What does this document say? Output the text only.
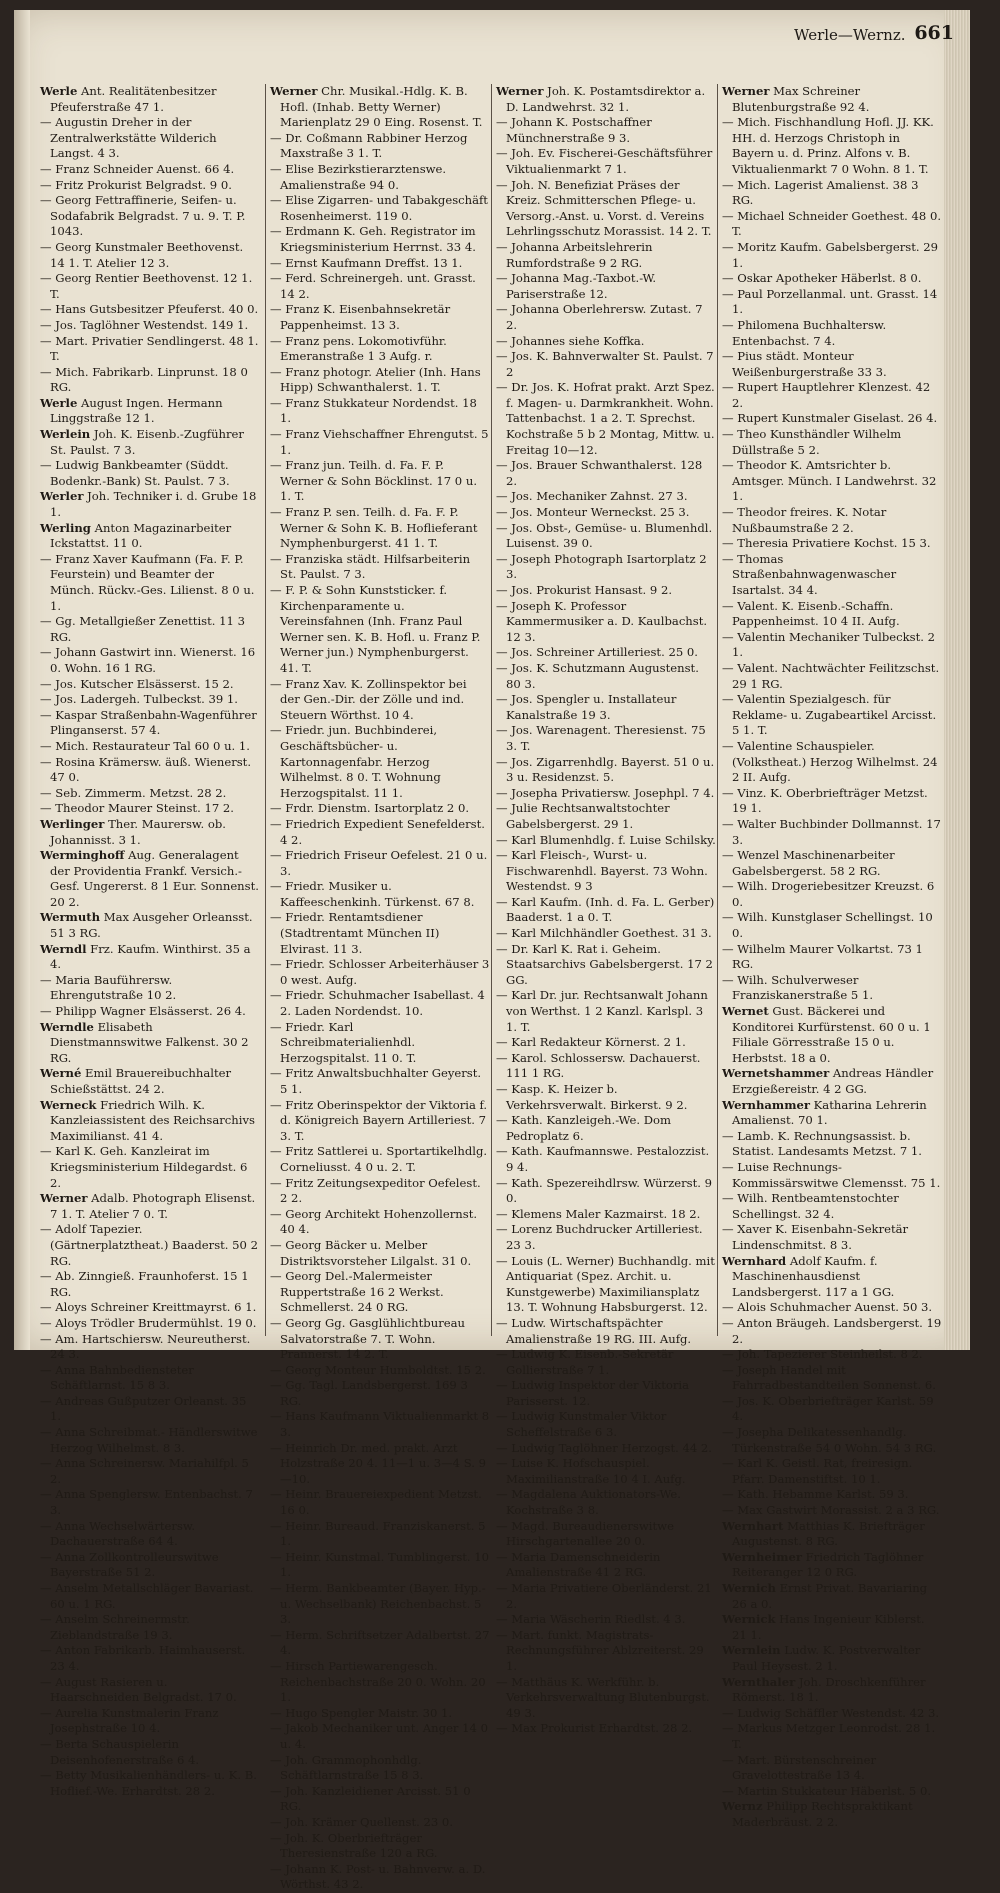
Werle—Wernz. 661
Werle Ant. Realitätenbesitzer Pfeuferstraße 47 1.
— Augustin Dreher in der Zentralwerkstätte Wilderich Langst. 4 3.
— Franz Schneider Auenst. 66 4.
— Fritz Prokurist Belgradst. 9 0.
— Georg Fettraffinerie, Seifen- u. Sodafabrik Belgradst. 7 u. 9. T. P. 1043.
— Georg Kunstmaler Beethovenst. 14 1. T. Atelier 12 3.
— Georg Rentier Beethovenst. 12 1. T.
— Hans Gutsbesitzer Pfeuferst. 40 0.
— Jos. Taglöhner Westendst. 149 1.
— Mart. Privatier Sendlingerst. 48 1. T.
— Mich. Fabrikarb. Linprunst. 18 0 RG.
Werle August Ingen. Hermann Linggstraße 12 1.
Werlein Joh. K. Eisenb.-Zugführer St. Paulst. 7 3.
— Ludwig Bankbeamter (Süddt. Bodenkr.-Bank) St. Paulst. 7 3.
Werler Joh. Techniker i. d. Grube 18 1.
Werling Anton Magazinarbeiter Ickstattst. 11 0.
— Franz Xaver Kaufmann (Fa. F. P. Feurstein) und Beamter der Münch. Rückv.-Ges. Lilienst. 8 0 u. 1.
— Gg. Metallgießer Zenettist. 11 3 RG.
— Johann Gastwirt inn. Wienerst. 16 0. Wohn. 16 1 RG.
— Jos. Kutscher Elsässerst. 15 2.
— Jos. Ladergeh. Tulbeckst. 39 1.
— Kaspar Straßenbahn-Wagenführer Plinganserst. 57 4.
— Mich. Restaurateur Tal 60 0 u. 1.
— Rosina Krämersw. äuß. Wienerst. 47 0.
— Seb. Zimmerm. Metzst. 28 2.
— Theodor Maurer Steinst. 17 2.
Werlinger Ther. Maurersw. ob. Johannisst. 3 1.
Werminghoff Aug. Generalagent der Providentia Frankf. Versich.-Gesf. Ungererst. 8 1 Eur. Sonnenst. 20 2.
Wermuth Max Ausgeher Orleansst. 51 3 RG.
Werndl Frz. Kaufm. Winthirst. 35 a 4.
— Maria Bauführersw. Ehrengutstraße 10 2.
— Philipp Wagner Elsässerst. 26 4.
Werndle Elisabeth Dienstmannswitwe Falkenst. 30 2 RG.
Werné Emil Brauereibuchhalter Schießstättst. 24 2.
Werneck Friedrich Wilh. K. Kanzleiassistent des Reichsarchivs Maximilianst. 41 4.
— Karl K. Geh. Kanzleirat im Kriegsministerium Hildegardst. 6 2.
Werner Adalb. Photograph Elisenst. 7 1. T. Atelier 7 0. T.
— Adolf Tapezier. (Gärtnerplatztheat.) Baaderst. 50 2 RG.
— Ab. Zinngieß. Fraunhoferst. 15 1 RG.
— Aloys Schreiner Kreittmayrst. 6 1.
— Aloys Trödler Brudermühlst. 19 0.
— Am. Hartschiersw. Neureutherst. 24 3.
— Anna Bahnbediensteter Schäftlarnst. 15 8 3.
— Andreas Gußputzer Orleanst. 35 1.
— Anna Schreibmat.- Händlerswitwe Herzog Wilhelmst. 8 3.
— Anna Schreinersw. Mariahilfpl. 5 2.
— Anna Spenglersw. Entenbachst. 7 3.
— Anna Wechselwärtersw. Dachauerstraße 64 4.
— Anna Zollkontrolleurswitwe Bayerstraße 51 2.
— Anselm Metallschläger Bavariast. 60 u. 1 RG.
— Anselm Schreinermstr. Zieblandstraße 19 3.
— Anton Fabrikarb. Haimhauserst. 23 4.
— August Rasieren u. Haarschneiden Belgradst. 17 0.
— Aurelia Kunstmalerin Franz Josephstraße 10 4.
— Berta Schauspielerin Deisenhofenerstraße 6 4.
— Betty Musikalienhändlers- u. K. B. Hoflief.-We. Erhardtst. 28 2.
Werner Chr. Musikal.-Hdlg. K. B. Hofl. (Inhab. Betty Werner) Marienplatz 29 0 Eing. Rosenst. T.
— Dr. Coßmann Rabbiner Herzog Maxstraße 3 1. T.
— Elise Bezirkstierarztenswe. Amalienstraße 94 0.
— Elise Zigarren- und Tabakgeschäft Rosenheimerst. 119 0.
— Erdmann K. Geh. Registrator im Kriegsministerium Herrnst. 33 4.
— Ernst Kaufmann Dreffst. 13 1.
— Ferd. Schreinergeh. unt. Grasst. 14 2.
— Franz K. Eisenbahnsekretär Pappenheimst. 13 3.
— Franz pens. Lokomotivführ. Emeranstraße 1 3 Aufg. r.
— Franz photogr. Atelier (Inh. Hans Hipp) Schwanthalerst. 1. T.
— Franz Stukkateur Nordendst. 18 1.
— Franz Viehschaffner Ehrengutst. 5 1.
— Franz jun. Teilh. d. Fa. F. P. Werner & Sohn Böcklinst. 17 0 u. 1. T.
— Franz P. sen. Teilh. d. Fa. F. P. Werner & Sohn K. B. Hoflieferant Nymphenburgerst. 41 1. T.
— Franziska städt. Hilfsarbeiterin St. Paulst. 7 3.
— F. P. & Sohn Kunststicker. f. Kirchenparamente u. Vereinsfahnen (Inh. Franz Paul Werner sen. K. B. Hofl. u. Franz P. Werner jun.) Nymphenburgerst. 41. T.
— Franz Xav. K. Zollinspektor bei der Gen.-Dir. der Zölle und ind. Steuern Wörthst. 10 4.
— Friedr. jun. Buchbinderei, Geschäftsbücher- u. Kartonnagenfabr. Herzog Wilhelmst. 8 0. T. Wohnung Herzogspitalst. 11 1.
— Frdr. Dienstm. Isartorplatz 2 0.
— Friedrich Expedient Senefelderst. 4 2.
— Friedrich Friseur Oefelest. 21 0 u. 3.
— Friedr. Musiker u. Kaffeeschenkinh. Türkenst. 67 8.
— Friedr. Rentamtsdiener (Stadtrentamt München II) Elvirast. 11 3.
— Friedr. Schlosser Arbeiterhäuser 3 0 west. Aufg.
— Friedr. Schuhmacher Isabellast. 4 2. Laden Nordendst. 10.
— Friedr. Karl Schreibmaterialienhdl. Herzogspitalst. 11 0. T.
— Fritz Anwaltsbuchhalter Geyerst. 5 1.
— Fritz Oberinspektor der Viktoria f. d. Königreich Bayern Artilleriest. 7 3. T.
— Fritz Sattlerei u. Sportartikelhdlg. Corneliusst. 4 0 u. 2. T.
— Fritz Zeitungsexpeditor Oefelest. 2 2.
— Georg Architekt Hohenzollernst. 40 4.
— Georg Bäcker u. Melber Distriktsvorsteher Lilgalst. 31 0.
— Georg Del.-Malermeister Ruppertstraße 16 2 Werkst. Schmellerst. 24 0 RG.
— Georg Gg. Gasglühlichtbureau Salvatorstraße 7. T. Wohn. Prannerst. 14 2. T.
— Georg Monteur Humboldtst. 15 2.
— Gg. Tagl. Landsbergerst. 169 3 RG.
— Hans Kaufmann Viktualienmarkt 8 3.
— Heinrich Dr. med. prakt. Arzt Holzstraße 20 4. 11—1 u. 3—4 S. 9—10.
— Heinr. Brauereiexpedient Metzst. 16 0.
— Heinr. Bureaud. Franziskanerst. 5 1.
— Heinr. Kunstmal. Tumblingerst. 10 1.
— Herm. Bankbeamter (Bayer. Hyp.- u. Wechselbank) Reichenbachst. 5 3.
— Herm. Schriftsetzer Adalbertst. 27 4.
— Hirsch Partiewarengesch. Reichenbachstraße 20 0. Wohn. 20 1.
— Hugo Spengler Maistr. 30 1.
— Jakob Mechaniker unt. Anger 14 0 u. 4.
— Joh. Grammophonhdlg. Schäftlarnstraße 15 8 3.
— Joh. Kanzleidiener Arcisst. 51 0 RG.
— Joh. Krämer Quellenst. 23 0.
— Joh. K. Oberbriefträger Theresienstraße 120 a RG.
— Johann K. Post- u. Bahnverw. a. D. Wörthst. 43 2.
Werner Joh. K. Postamtsdirektor a. D. Landwehrst. 32 1.
— Johann K. Postschaffner Münchnerstraße 9 3.
— Joh. Ev. Fischerei-Geschäftsführer Viktualienmarkt 7 1.
— Joh. N. Benefiziat Präses der Kreiz. Schmitterschen Pflege- u. Versorg.-Anst. u. Vorst. d. Vereins Lehrlingsschutz Morassist. 14 2. T.
— Johanna Arbeitslehrerin Rumfordstraße 9 2 RG.
— Johanna Mag.-Taxbot.-W. Pariserstraße 12.
— Johanna Oberlehrersw. Zutast. 7 2.
— Johannes siehe Koffka.
— Jos. K. Bahnverwalter St. Paulst. 7 2
— Dr. Jos. K. Hofrat prakt. Arzt Spez. f. Magen- u. Darmkrankheit. Wohn. Tattenbachst. 1 a 2. T. Sprechst. Kochstraße 5 b 2 Montag, Mittw. u. Freitag 10—12.
— Jos. Brauer Schwanthalerst. 128 2.
— Jos. Mechaniker Zahnst. 27 3.
— Jos. Monteur Werneckst. 25 3.
— Jos. Obst-, Gemüse- u. Blumenhdl. Luisenst. 39 0.
— Joseph Photograph Isartorplatz 2 3.
— Jos. Prokurist Hansast. 9 2.
— Joseph K. Professor Kammermusiker a. D. Kaulbachst. 12 3.
— Jos. Schreiner Artilleriest. 25 0.
— Jos. K. Schutzmann Augustenst. 80 3.
— Jos. Spengler u. Installateur Kanalstraße 19 3.
— Jos. Warenagent. Theresienst. 75 3. T.
— Jos. Zigarrenhdlg. Bayerst. 51 0 u. 3 u. Residenzst. 5.
— Josepha Privatiersw. Josephpl. 7 4.
— Julie Rechtsanwaltstochter Gabelsbergerst. 29 1.
— Karl Blumenhdlg. f. Luise Schilsky.
— Karl Fleisch-, Wurst- u. Fischwarenhdl. Bayerst. 73 Wohn. Westendst. 9 3
— Karl Kaufm. (Inh. d. Fa. L. Gerber) Baaderst. 1 a 0. T.
— Karl Milchhändler Goethest. 31 3.
— Dr. Karl K. Rat i. Geheim. Staatsarchivs Gabelsbergerst. 17 2 GG.
— Karl Dr. jur. Rechtsanwalt Johann von Werthst. 1 2 Kanzl. Karlspl. 3 1. T.
— Karl Redakteur Körnerst. 2 1.
— Karol. Schlossersw. Dachauerst. 111 1 RG.
— Kasp. K. Heizer b. Verkehrsverwalt. Birkerst. 9 2.
— Kath. Kanzleigeh.-We. Dom Pedroplatz 6.
— Kath. Kaufmannswe. Pestalozzist. 9 4.
— Kath. Spezereihdlrsw. Würzerst. 9 0.
— Klemens Maler Kazmairst. 18 2.
— Lorenz Buchdrucker Artilleriest. 23 3.
— Louis (L. Werner) Buchhandlg. mit Antiquariat (Spez. Archit. u. Kunstgewerbe) Maximiliansplatz 13. T. Wohnung Habsburgerst. 12.
— Ludw. Wirtschaftspächter Amalienstraße 19 RG. III. Aufg.
— Ludwig K. Eisenb.-Sekretär Gollierstraße 7 1.
— Ludwig Inspektor der Viktoria Parisserst. 12.
— Ludwig Kunstmaler Viktor Scheffelstraße 6 3.
— Ludwig Taglöhner Herzogst. 44 2.
— Luise K. Hofschauspiel. Maximilianstraße 10 4 I. Aufg.
— Magdalena Auktionators-We. Kochstraße 3 8.
— Magd. Bureaudienerswitwe Hirschgartenallee 20 0.
— Maria Damenschneiderin Amalienstraße 41 2 RG.
— Maria Privatiere Oberländerst. 21 2.
— Maria Wäscherin Riedlst. 4 3.
— Mart. funkt. Magistrats-Rechnungsführer Ablzreiterst. 29 1.
— Matthäus K. Werkführ. b. Verkehrsverwaltung Blutenburgst. 49 3.
— Max Prokurist Erhardtst. 28 2.
Werner Max Schreiner Blutenburgstraße 92 4.
— Mich. Fischhandlung Hofl. JJ. KK. HH. d. Herzogs Christoph in Bayern u. d. Prinz. Alfons v. B. Viktualienmarkt 7 0 Wohn. 8 1. T.
— Mich. Lagerist Amalienst. 38 3 RG.
— Michael Schneider Goethest. 48 0. T.
— Moritz Kaufm. Gabelsbergerst. 29 1.
— Oskar Apotheker Häberlst. 8 0.
— Paul Porzellanmal. unt. Grasst. 14 1.
— Philomena Buchhaltersw. Entenbachst. 7 4.
— Pius städt. Monteur Weißenburgerstraße 33 3.
— Rupert Hauptlehrer Klenzest. 42 2.
— Rupert Kunstmaler Giselast. 26 4.
— Theo Kunsthändler Wilhelm Düllstraße 5 2.
— Theodor K. Amtsrichter b. Amtsger. Münch. I Landwehrst. 32 1.
— Theodor freires. K. Notar Nußbaumstraße 2 2.
— Theresia Privatiere Kochst. 15 3.
— Thomas Straßenbahnwagenwascher Isartalst. 34 4.
— Valent. K. Eisenb.-Schaffn. Pappenheimst. 10 4 II. Aufg.
— Valentin Mechaniker Tulbeckst. 2 1.
— Valent. Nachtwächter Feilitzschst. 29 1 RG.
— Valentin Spezialgesch. für Reklame- u. Zugabeartikel Arcisst. 5 1. T.
— Valentine Schauspieler. (Volkstheat.) Herzog Wilhelmst. 24 2 II. Aufg.
— Vinz. K. Oberbriefträger Metzst. 19 1.
— Walter Buchbinder Dollmannst. 17 3.
— Wenzel Maschinenarbeiter Gabelsbergerst. 58 2 RG.
— Wilh. Drogeriebesitzer Kreuzst. 6 0.
— Wilh. Kunstglaser Schellingst. 10 0.
— Wilhelm Maurer Volkartst. 73 1 RG.
— Wilh. Schulverweser Franziskanerstraße 5 1.
Wernet Gust. Bäckerei und Konditorei Kurfürstenst. 60 0 u. 1 Filiale Görresstraße 15 0 u. Herbstst. 18 a 0.
Wernetshammer Andreas Händler Erzgießereistr. 4 2 GG.
Wernhammer Katharina Lehrerin Amalienst. 70 1.
— Lamb. K. Rechnungsassist. b. Statist. Landesamts Metzst. 7 1.
— Luise Rechnungs-Kommissärswitwe Clemensst. 75 1.
— Wilh. Rentbeamtenstochter Schellingst. 32 4.
— Xaver K. Eisenbahn-Sekretär Lindenschmitst. 8 3.
Wernhard Adolf Kaufm. f. Maschinenhausdienst Landsbergerst. 117 a 1 GG.
— Alois Schuhmacher Auenst. 50 3.
— Anton Bräugeh. Landsbergerst. 19 2.
— Joh. Tapezierer Steinheilst. 8 2.
— Joseph Handel mit Fahrradbestandteilen Sonnenst. 6.
— Jos. K. Oberbriefträger Karlst. 59 4.
— Josepha Delikatessenhandlg. Türkenstraße 54 0 Wohn. 54 3 RG.
— Karl K. Geistl. Rat, freiresign. Pfarr. Damenstiftst. 10 1.
— Kath. Hebamme Karlst. 59 3.
— Max Gastwirt Morassist. 2 a 3 RG.
Wernhart Matthias K. Briefträger Augustenst. 8 RG.
Wernheimer Friedrich Taglöhner Reiteranger 12 0 RG.
Wernich Ernst Privat. Bavariaring 26 a 0.
Wernick Hans Ingenieur Kiblerst. 21 1.
Wernlein Ludw. K. Postverwalter Paul Heysest. 2 1.
Wernthaler Joh. Droschkenführer Römerst. 18 1.
— Ludwig Schäffler Westendst. 42 3.
— Markus Metzger Leonrodst. 28 1. T.
— Mart. Bürstenschreiner Gravelottestraße 13 4.
— Martin Stukkateur Häberlst. 5 0.
Wernz Philipp Rechtspraktikant Maderbräust. 2 2.
